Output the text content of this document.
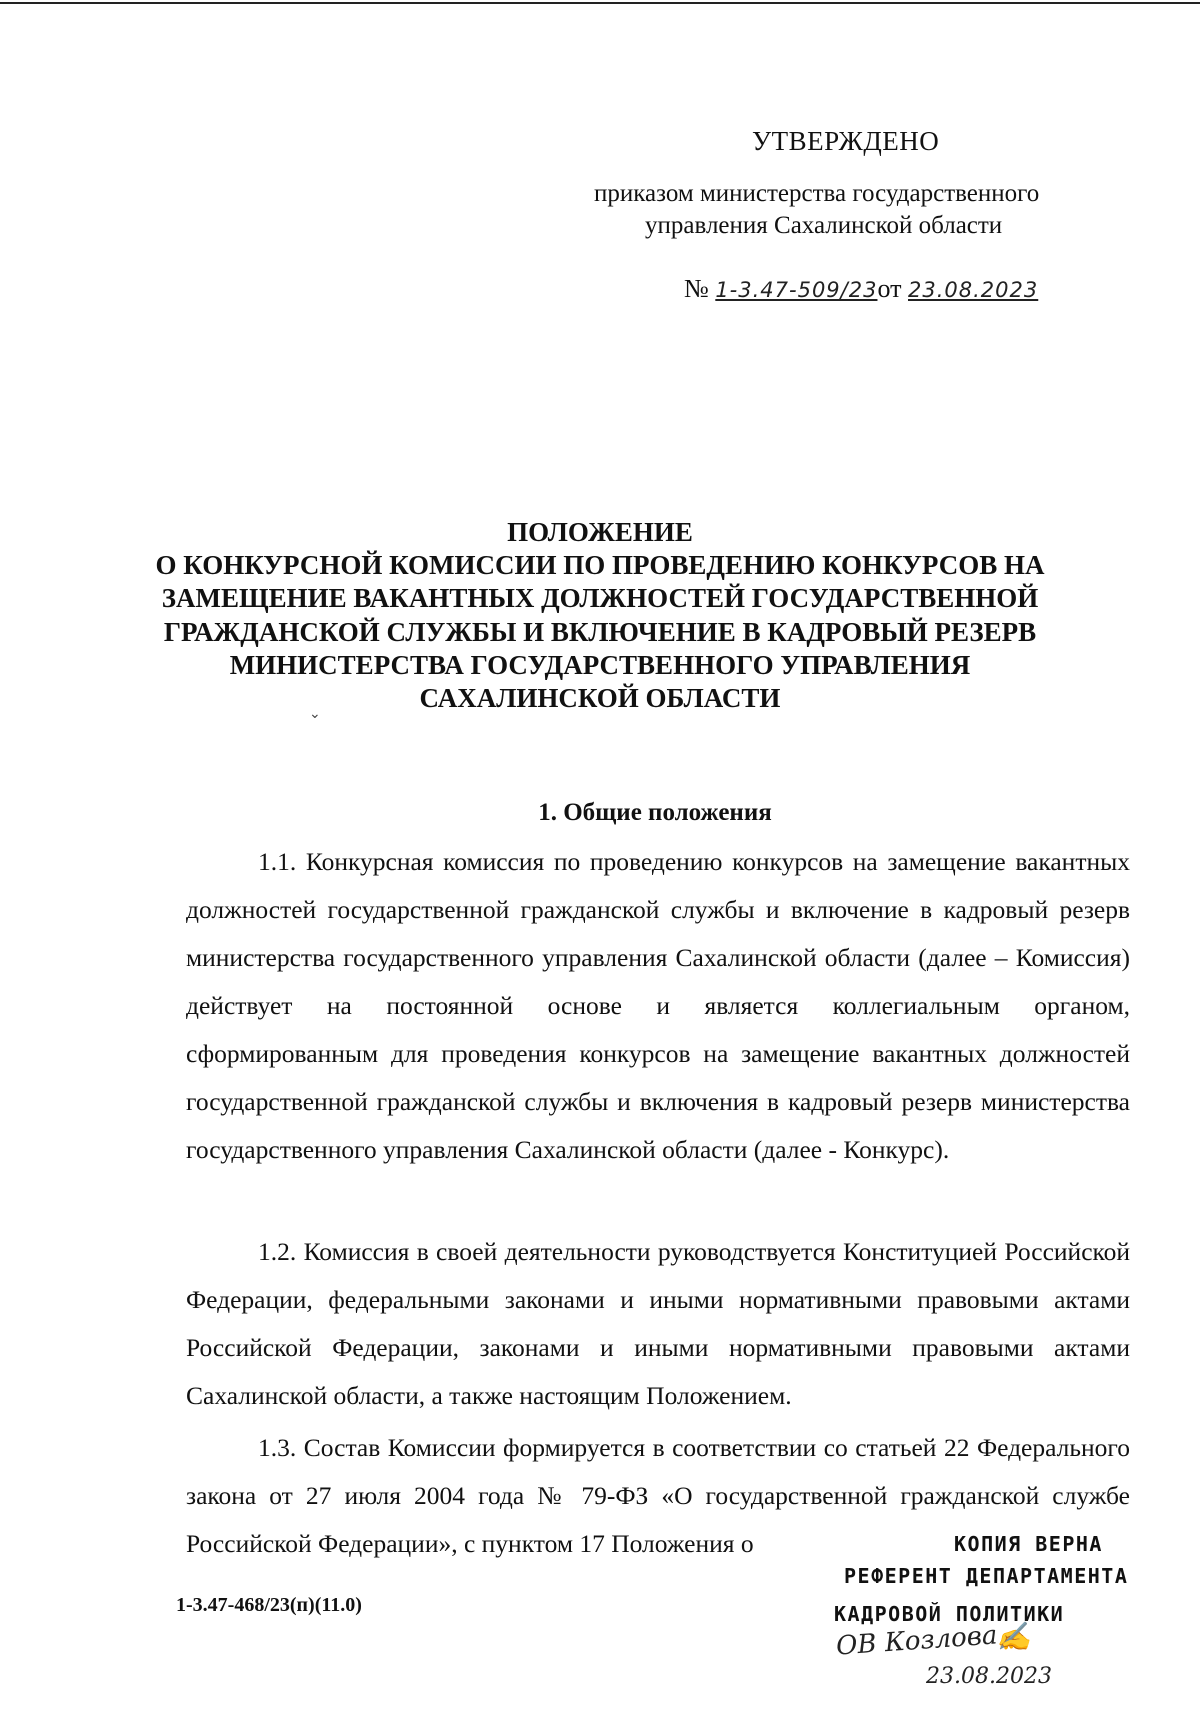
УТВЕРЖДЕНО
приказом министерства государственного
управления Сахалинской области
№ 1-3.47-509/23от 23.08.2023
ПОЛОЖЕНИЕ
О КОНКУРСНОЙ КОМИССИИ ПО ПРОВЕДЕНИЮ КОНКУРСОВ НА
ЗАМЕЩЕНИЕ ВАКАНТНЫХ ДОЛЖНОСТЕЙ ГОСУДАРСТВЕННОЙ
ГРАЖДАНСКОЙ СЛУЖБЫ И ВКЛЮЧЕНИЕ В КАДРОВЫЙ РЕЗЕРВ
МИНИСТЕРСТВА ГОСУДАРСТВЕННОГО УПРАВЛЕНИЯ
САХАЛИНСКОЙ ОБЛАСТИ
⌄
1. Общие положения
1.1. Конкурсная комиссия по проведению конкурсов на замещение вакантных должностей государственной гражданской службы и включение в кадровый резерв министерства государственного управления Сахалинской области (далее – Комиссия) действует на постоянной основе и является коллегиальным органом, сформированным для проведения конкурсов на замещение вакантных должностей государственной гражданской службы и включения в кадровый резерв министерства государственного управления Сахалинской области (далее - Конкурс).
1.2. Комиссия в своей деятельности руководствуется Конституцией Российской Федерации, федеральными законами и иными нормативными правовыми актами Российской Федерации, законами и иными нормативными правовыми актами Сахалинской области, а также настоящим Положением.
1.3. Состав Комиссии формируется в соответствии со статьей 22 Федерального закона от 27 июля 2004 года № 79-ФЗ «О государственной гражданской службе Российской Федерации», с пунктом 17 Положения о
1-3.47-468/23(п)(11.0)
КОПИЯ ВЕРНА
РЕФЕРЕНТ ДЕПАРТАМЕНТА
КАДРОВОЙ ПОЛИТИКИ
ОВ Козлова
✍
23.08.2023
